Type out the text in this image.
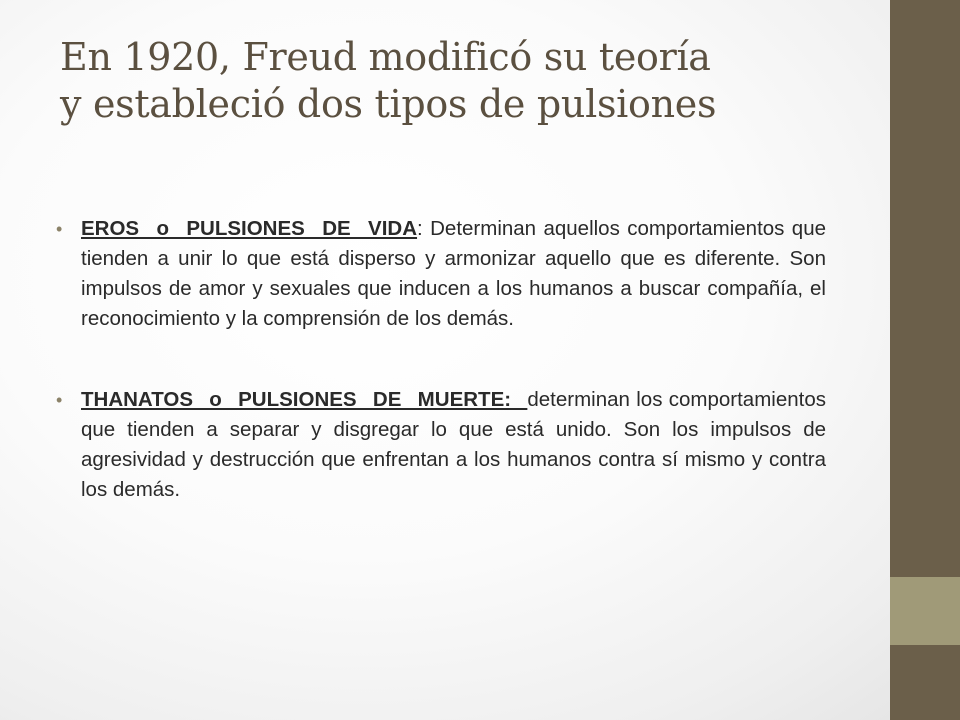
En 1920, Freud modificó su teoría
y estableció dos tipos de pulsiones
• EROS o PULSIONES DE VIDA: Determinan aquellos comportamientos que tienden a unir lo que está disperso y armonizar aquello que es diferente. Son impulsos de amor y sexuales que inducen a los humanos a buscar compañía, el reconocimiento y la comprensión de los demás.
• THANATOS o PULSIONES DE MUERTE: determinan los comportamientos que tienden a separar y disgregar lo que está unido. Son los impulsos de agresividad y destrucción que enfrentan a los humanos contra sí mismo y contra los demás.
